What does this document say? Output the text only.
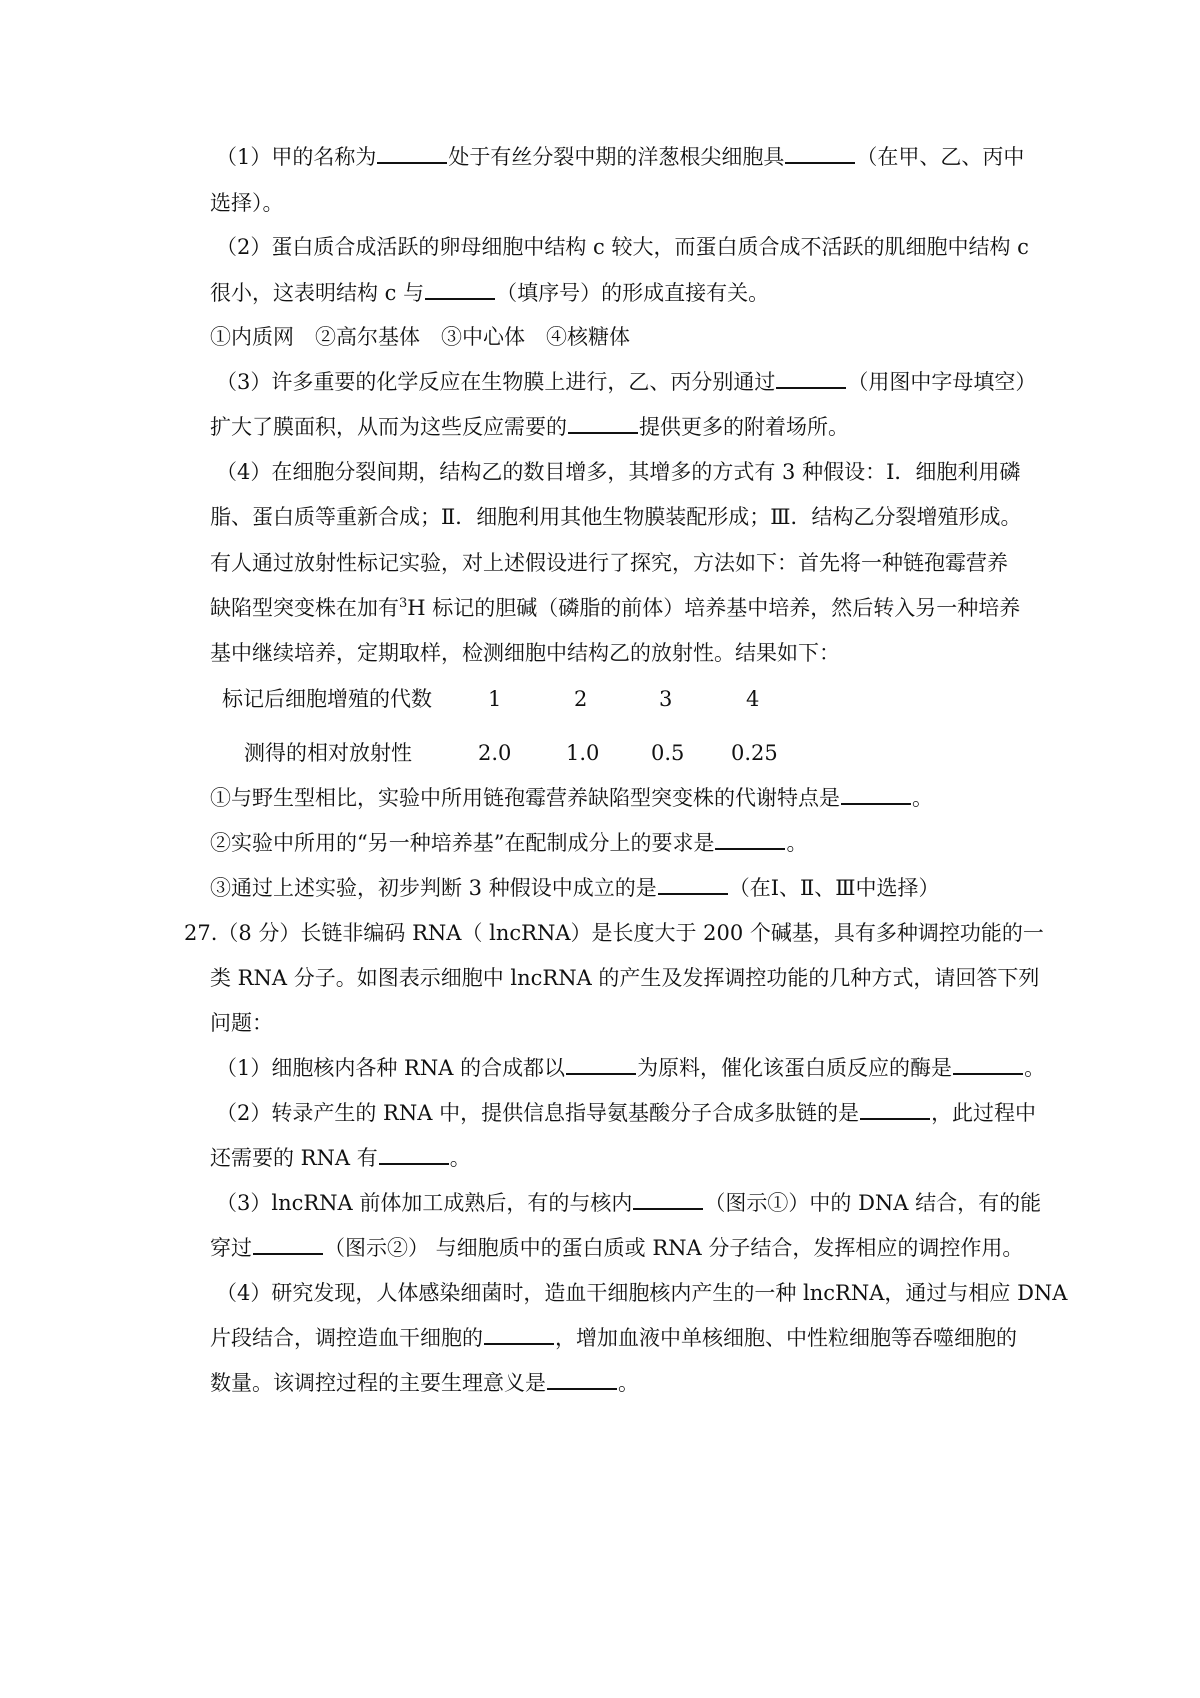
（1）甲的名称为	处于有丝分裂中期的洋葱根尖细胞具	（在甲、乙、丙中
选择）。
（2）蛋白质合成活跃的卵母细胞中结构 c 较大，而蛋白质合成不活跃的肌细胞中结构 c
很小，这表明结构 c 与	（填序号）的形成直接有关。
①内质网　②高尔基体　③中心体　④核糖体
（3）许多重要的化学反应在生物膜上进行，乙、丙分别通过	（用图中字母填空）
扩大了膜面积，从而为这些反应需要的	提供更多的附着场所。
（4）在细胞分裂间期，结构乙的数目增多，其增多的方式有 3 种假设：Ⅰ．细胞利用磷
脂、蛋白质等重新合成；Ⅱ．细胞利用其他生物膜装配形成；Ⅲ．结构乙分裂增殖形成。
有人通过放射性标记实验，对上述假设进行了探究，方法如下：首先将一种链孢霉营养
缺陷型突变株在加有$^3$H 标记的胆碱（磷脂的前体）培养基中培养，然后转入另一种培养
基中继续培养，定期取样，检测细胞中结构乙的放射性。结果如下：
标记后细胞增殖的代数	1	2	3	4
测得的相对放射性	2.0	1.0 0.5 0.25
①与野生型相比，实验中所用链孢霉营养缺陷型突变株的代谢特点是	。
②实验中所用的“另一种培养基”在配制成分上的要求是	。
③通过上述实验，初步判断 3 种假设中成立的是	（在Ⅰ、Ⅱ、Ⅲ中选择）
27.（8 分）长链非编码 RNA（ lncRNA）是长度大于 200 个碱基，具有多种调控功能的一
类 RNA 分子。如图表示细胞中 lncRNA 的产生及发挥调控功能的几种方式，请回答下列
问题：
（1）细胞核内各种 RNA 的合成都以	为原料，催化该蛋白质反应的酶是	。
（2）转录产生的 RNA 中，提供信息指导氨基酸分子合成多肽链的是	，此过程中
还需要的 RNA 有	。
（3）lncRNA 前体加工成熟后，有的与核内	（图示①）中的 DNA 结合，有的能
穿过	（图示②） 与细胞质中的蛋白质或 RNA 分子结合，发挥相应的调控作用。
（4）研究发现，人体感染细菌时，造血干细胞核内产生的一种 lncRNA，通过与相应 DNA
片段结合，调控造血干细胞的	，增加血液中单核细胞、中性粒细胞等吞噬细胞的
数量。该调控过程的主要生理意义是	。
